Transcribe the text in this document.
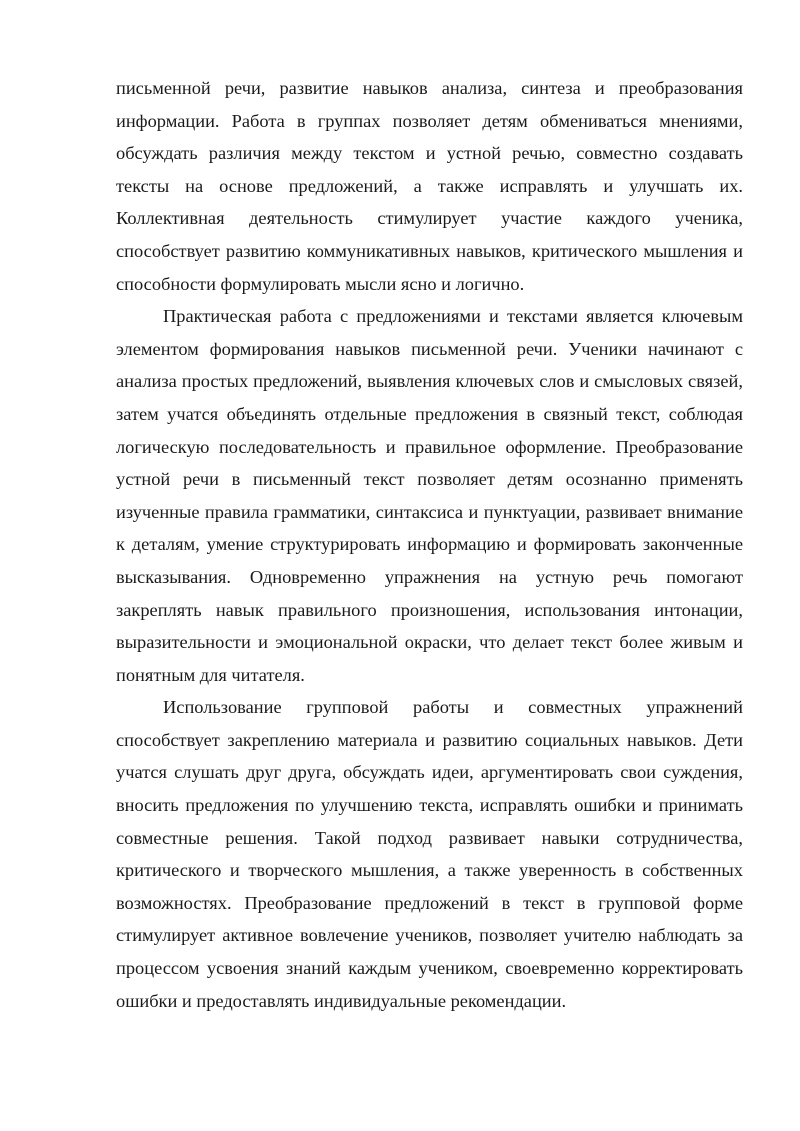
письменной речи, развитие навыков анализа, синтеза и преобразования информации. Работа в группах позволяет детям обмениваться мнениями, обсуждать различия между текстом и устной речью, совместно создавать тексты на основе предложений, а также исправлять и улучшать их. Коллективная деятельность стимулирует участие каждого ученика, способствует развитию коммуникативных навыков, критического мышления и способности формулировать мысли ясно и логично.

Практическая работа с предложениями и текстами является ключевым элементом формирования навыков письменной речи. Ученики начинают с анализа простых предложений, выявления ключевых слов и смысловых связей, затем учатся объединять отдельные предложения в связный текст, соблюдая логическую последовательность и правильное оформление. Преобразование устной речи в письменный текст позволяет детям осознанно применять изученные правила грамматики, синтаксиса и пунктуации, развивает внимание к деталям, умение структурировать информацию и формировать законченные высказывания. Одновременно упражнения на устную речь помогают закреплять навык правильного произношения, использования интонации, выразительности и эмоциональной окраски, что делает текст более живым и понятным для читателя.

Использование групповой работы и совместных упражнений способствует закреплению материала и развитию социальных навыков. Дети учатся слушать друг друга, обсуждать идеи, аргументировать свои суждения, вносить предложения по улучшению текста, исправлять ошибки и принимать совместные решения. Такой подход развивает навыки сотрудничества, критического и творческого мышления, а также уверенность в собственных возможностях. Преобразование предложений в текст в групповой форме стимулирует активное вовлечение учеников, позволяет учителю наблюдать за процессом усвоения знаний каждым учеником, своевременно корректировать ошибки и предоставлять индивидуальные рекомендации.
